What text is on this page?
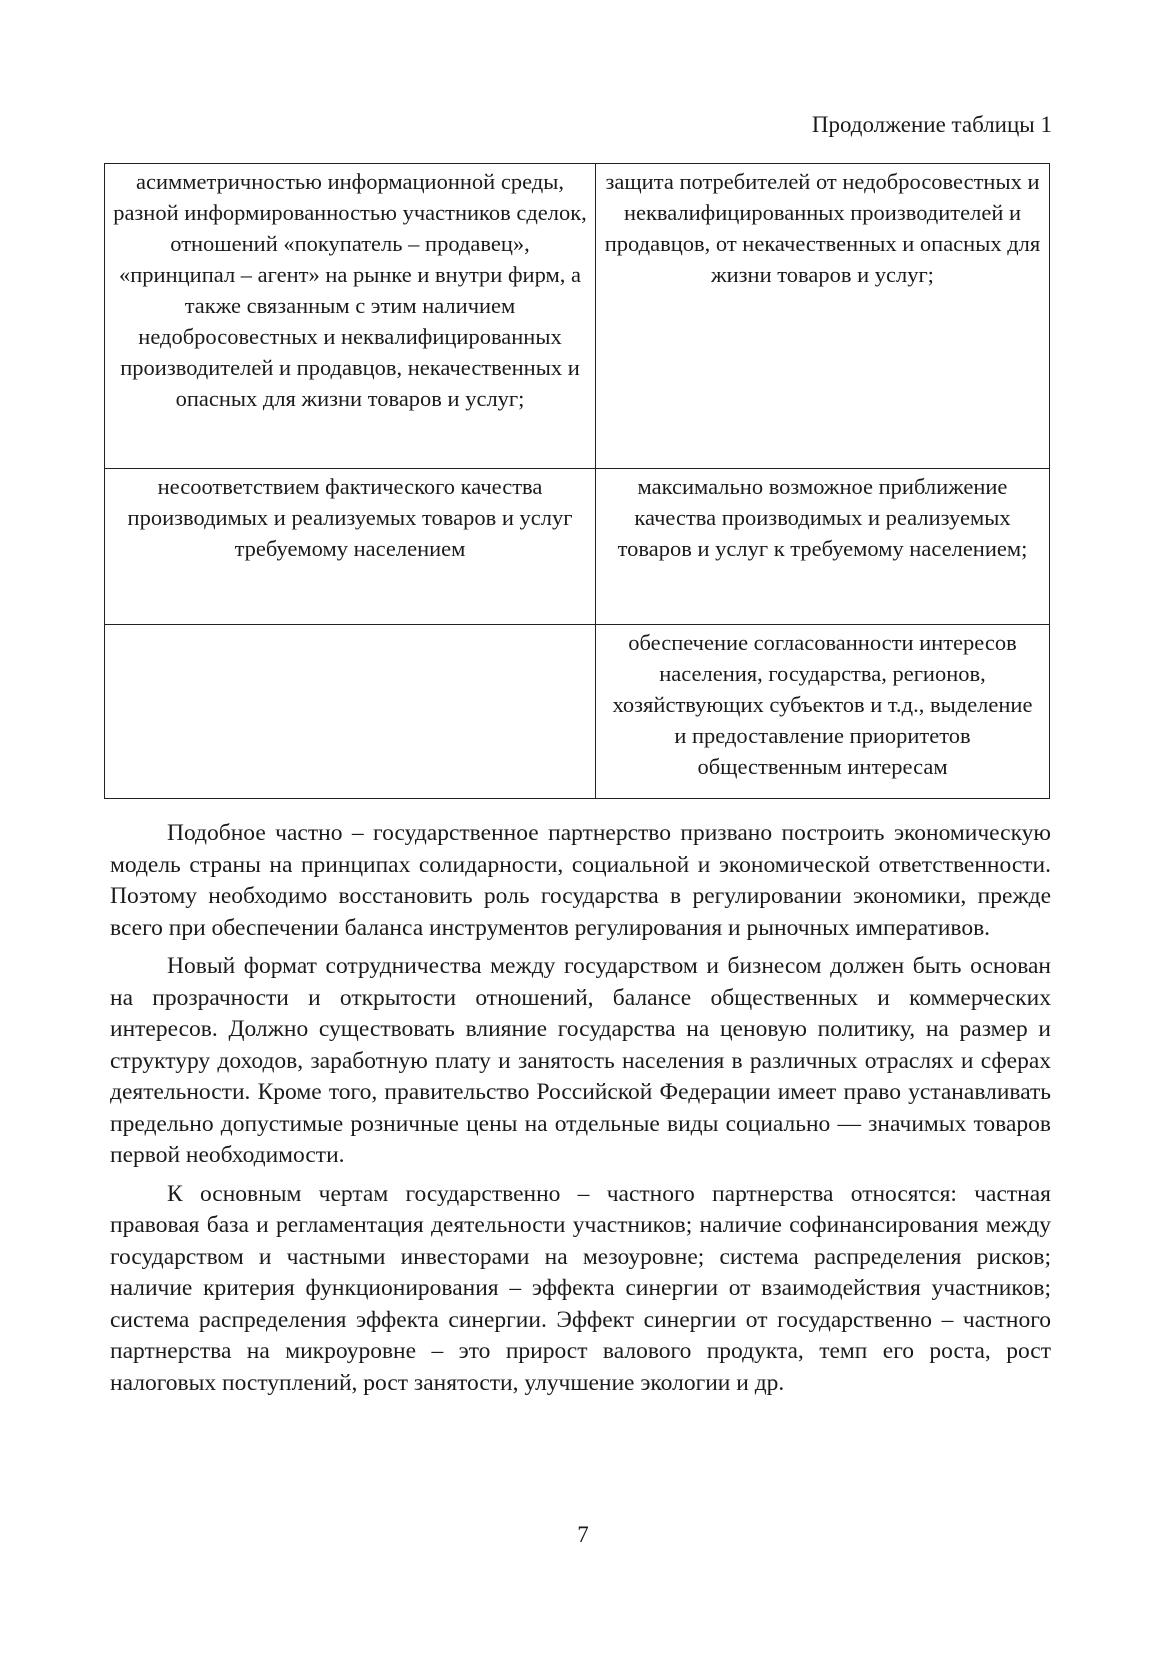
Продолжение таблицы 1
асимметричностью информационной среды, разной информированностью участников сделок, отношений «покупатель – продавец», «принципал – агент» на рынке и внутри фирм, а также связанным с этим наличием недобросовестных и неквалифицированных производителей и продавцов, некачественных и опасных для жизни товаров и услуг;	защита потребителей от недобросовестных и неквалифицированных производителей и продавцов, от некачественных и опасных для жизни товаров и услуг;
несоответствием фактического качества производимых и реализуемых товаров и услуг требуемому населением	максимально возможное приближение качества производимых и реализуемых товаров и услуг к требуемому населением;
	обеспечение согласованности интересов населения, государства, регионов, хозяйствующих субъектов и т.д., выделение и предоставление приоритетов общественным интересам

Подобное частно – государственное партнерство призвано построить экономическую модель страны на принципах солидарности, социальной и экономической ответственности. Поэтому необходимо восстановить роль государства в регулировании экономики, прежде всего при обеспечении баланса инструментов регулирования и рыночных императивов.

Новый формат сотрудничества между государством и бизнесом должен быть основан на прозрачности и открытости отношений, балансе общественных и коммерческих интересов. Должно существовать влияние государства на ценовую политику, на размер и структуру доходов, заработную плату и занятость населения в различных отраслях и сферах деятельности. Кроме того, правительство Российской Федерации имеет право устанавливать предельно допустимые розничные цены на отдельные виды социально — значимых товаров первой необходимости.

К основным чертам государственно – частного партнерства относятся: частная правовая база и регламентация деятельности участников; наличие софинансирования между государством и частными инвесторами на мезоуровне; система распределения рисков; наличие критерия функционирования – эффекта синергии от взаимодействия участников; система распределения эффекта синергии. Эффект синергии от государственно – частного партнерства на микроуровне – это прирост валового продукта, темп его роста, рост налоговых поступлений, рост занятости, улучшение экологии и др.

7
